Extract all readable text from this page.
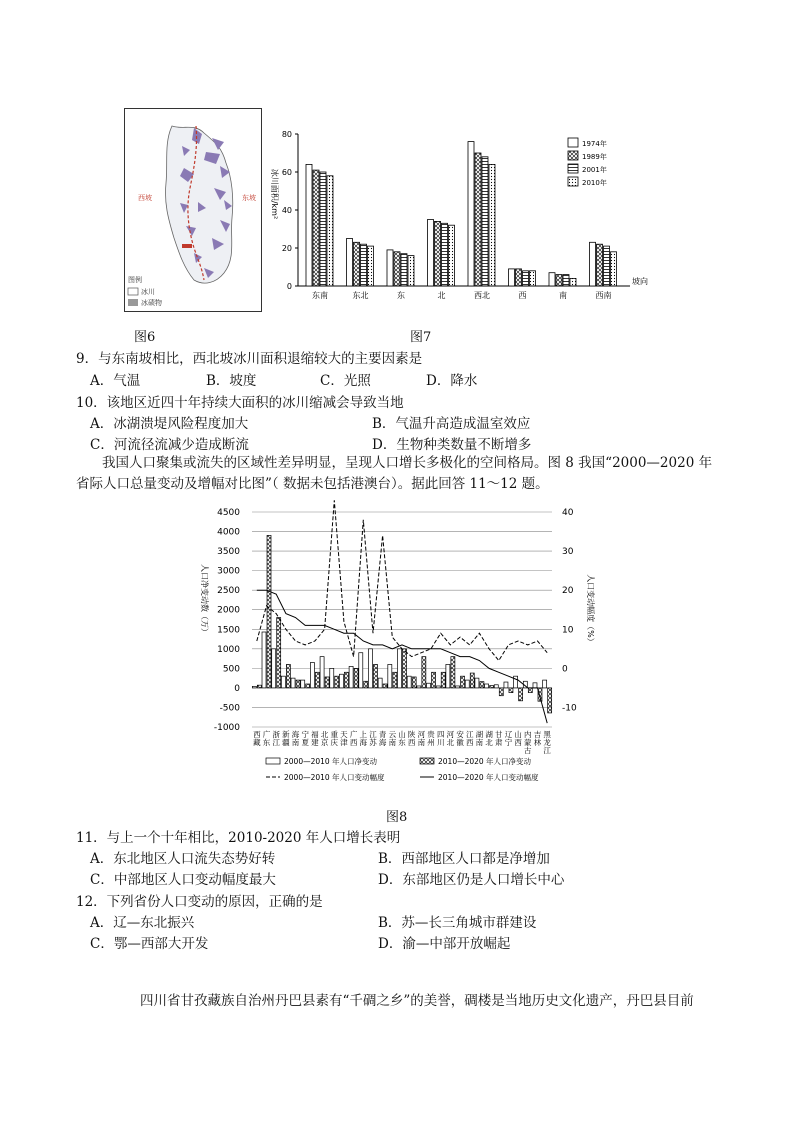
西坡	东坡
图例
冰川
冰碛物
0
20
40
60
80
冰川面积/km²
东南	东北	东	北	西北	西	南	西南
坡向
1974年
1989年
2001年
2010年
图6	图7
9．与东南坡相比，西北坡冰川面积退缩较大的主要因素是
A．气温	B．坡度	C．光照	D．降水
10．该地区近四十年持续大面积的冰川缩减会导致当地
A．冰湖溃堤风险程度加大	B．气温升高造成温室效应
C．河流径流减少造成断流	D．生物种类数量不断增多
我国人口聚集或流失的区域性差异明显，呈现人口增长多极化的空间格局。图 8 我国“2000—2020 年
省际人口总量变动及增幅对比图”（ 数据未包括港澳台）。据此回答 11～12 题。
-1000
-500
0
500
1000
1500
2000
2500
3000
3500
4000
4500
-10
0
10
20
30
40
人口净变动数（万）	人口变动幅度（%）
西藏
广东
浙江
新疆
海南
宁夏
福建
北京
重庆
天津
广西
上海
江苏
青海
云南
山东
陕西
河南
贵州
四川
河北
安徽
江西
湖南
湖北
甘肃
辽宁
山西
内蒙古
吉林
黑龙江
2000—2010 年人口净变动	2010—2020 年人口净变动
2000—2010 年人口变动幅度	2010—2020 年人口变动幅度
图8
11．与上一个十年相比，2010-2020 年人口增长表明
A．东北地区人口流失态势好转	B．西部地区人口都是净增加
C．中部地区人口变动幅度最大	D．东部地区仍是人口增长中心
12．下列省份人口变动的原因，正确的是
A．辽—东北振兴	B．苏—长三角城市群建设
C．鄂—西部大开发	D．渝—中部开放崛起
四川省甘孜藏族自治州丹巴县素有“千碉之乡”的美誉，碉楼是当地历史文化遗产，丹巴县目前
